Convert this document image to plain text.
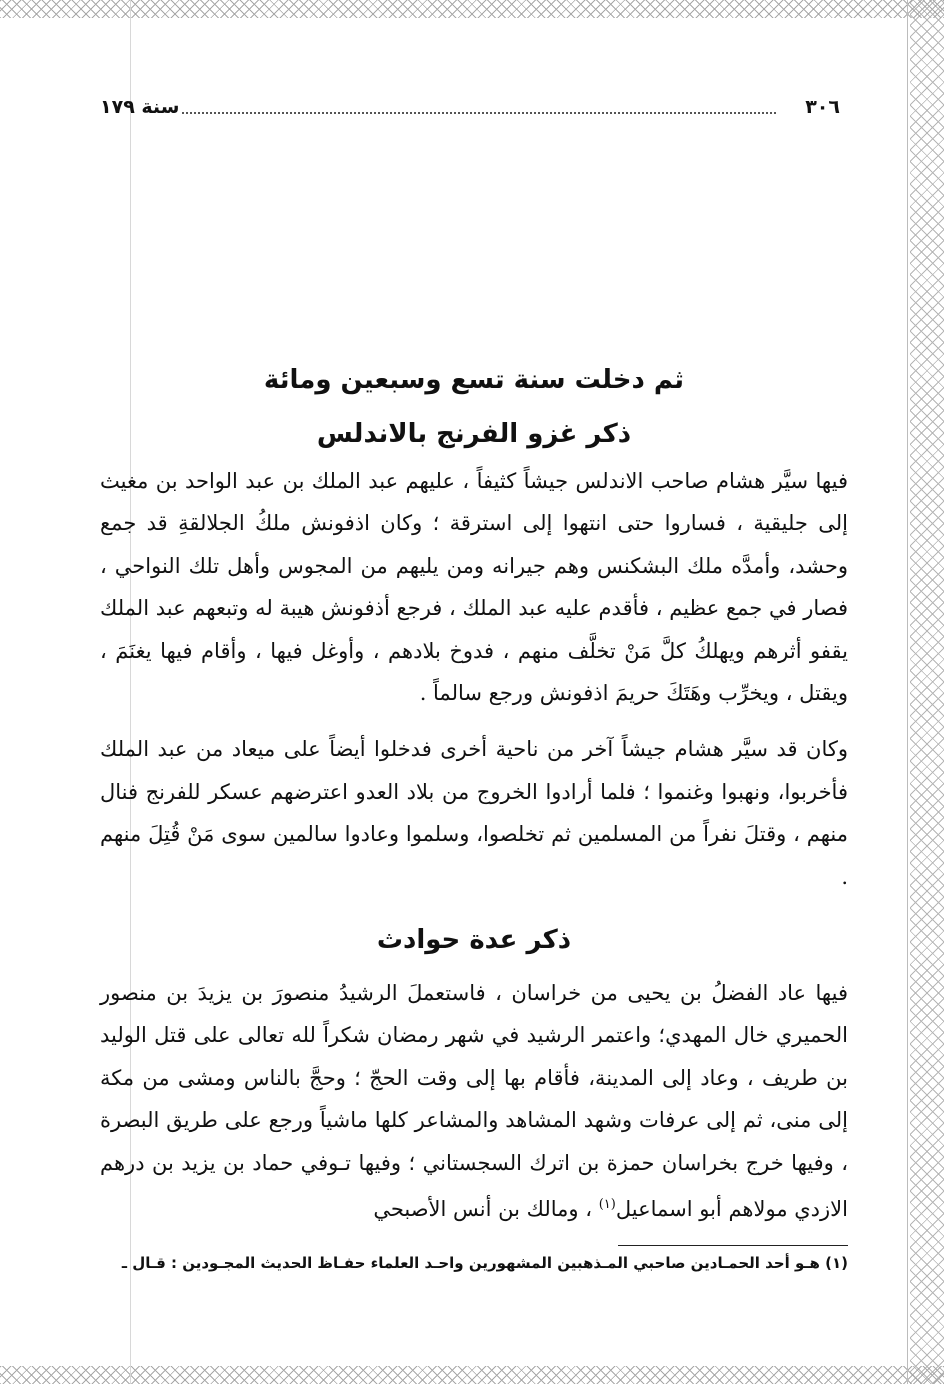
٣٠٦
سنة ١٧٩
ثم دخلت سنة تسع وسبعين ومائة
ذكر غزو الفرنج بالاندلس

فيها سيَّر هشام صاحب الاندلس جيشاً كثيفاً ، عليهم عبد الملك بن عبد الواحد بن مغيث إلى جليقية ، فساروا حتى انتهوا إلى استرقة ؛ وكان اذفونش ملكُ الجلالقةِ قد جمع وحشد، وأمدَّه ملك البشكنس وهم جيرانه ومن يليهم من المجوس وأهل تلك النواحي ، فصار في جمع عظيم ، فأقدم عليه عبد الملك ، فرجع أذفونش هيبة له وتبعهم عبد الملك يقفو أثرهم ويهلكُ كلَّ مَنْ تخلَّف منهم ، فدوخ بلادهم ، وأوغل فيها ، وأقام فيها يغنَمَ ، ويقتل ، ويخرِّب وهَتَكَ حريمَ اذفونش ورجع سالماً .

وكان قد سيَّر هشام جيشاً آخر من ناحية أخرى فدخلوا أيضاً على ميعاد من عبد الملك فأخربوا، ونهبوا وغنموا ؛ فلما أرادوا الخروج من بلاد العدو اعترضهم عسكر للفرنج فنال منهم ، وقتلَ نفراً من المسلمين ثم تخلصوا، وسلموا وعادوا سالمين سوى مَنْ قُتِلَ منهم .

ذكر عدة حوادث

فيها عاد الفضلُ بن يحيى من خراسان ، فاستعملَ الرشيدُ منصورَ بن يزيدَ بن منصور الحميري خال المهدي؛ واعتمر الرشيد في شهر رمضان شكراً لله تعالى على قتل الوليد بن طريف ، وعاد إلى المدينة، فأقام بها إلى وقت الحجّ ؛ وحجَّ بالناس ومشى من مكة إلى منى، ثم إلى عرفات وشهد المشاهد والمشاعر كلها ماشياً ورجع على طريق البصرة ، وفيها خرج بخراسان حمزة بن اترك السجستاني ؛ وفيها تـوفي حماد بن يزيد بن درهم الازدي مولاهم أبو اسماعيل$^{(١)}$ ، ومالك بن أنس الأصبحي

(١) هـو أحد الحمـادين صاحبي المـذهبين المشهورين واحـد العلماء حفـاظ الحديث المجـودين : قـال ـ
